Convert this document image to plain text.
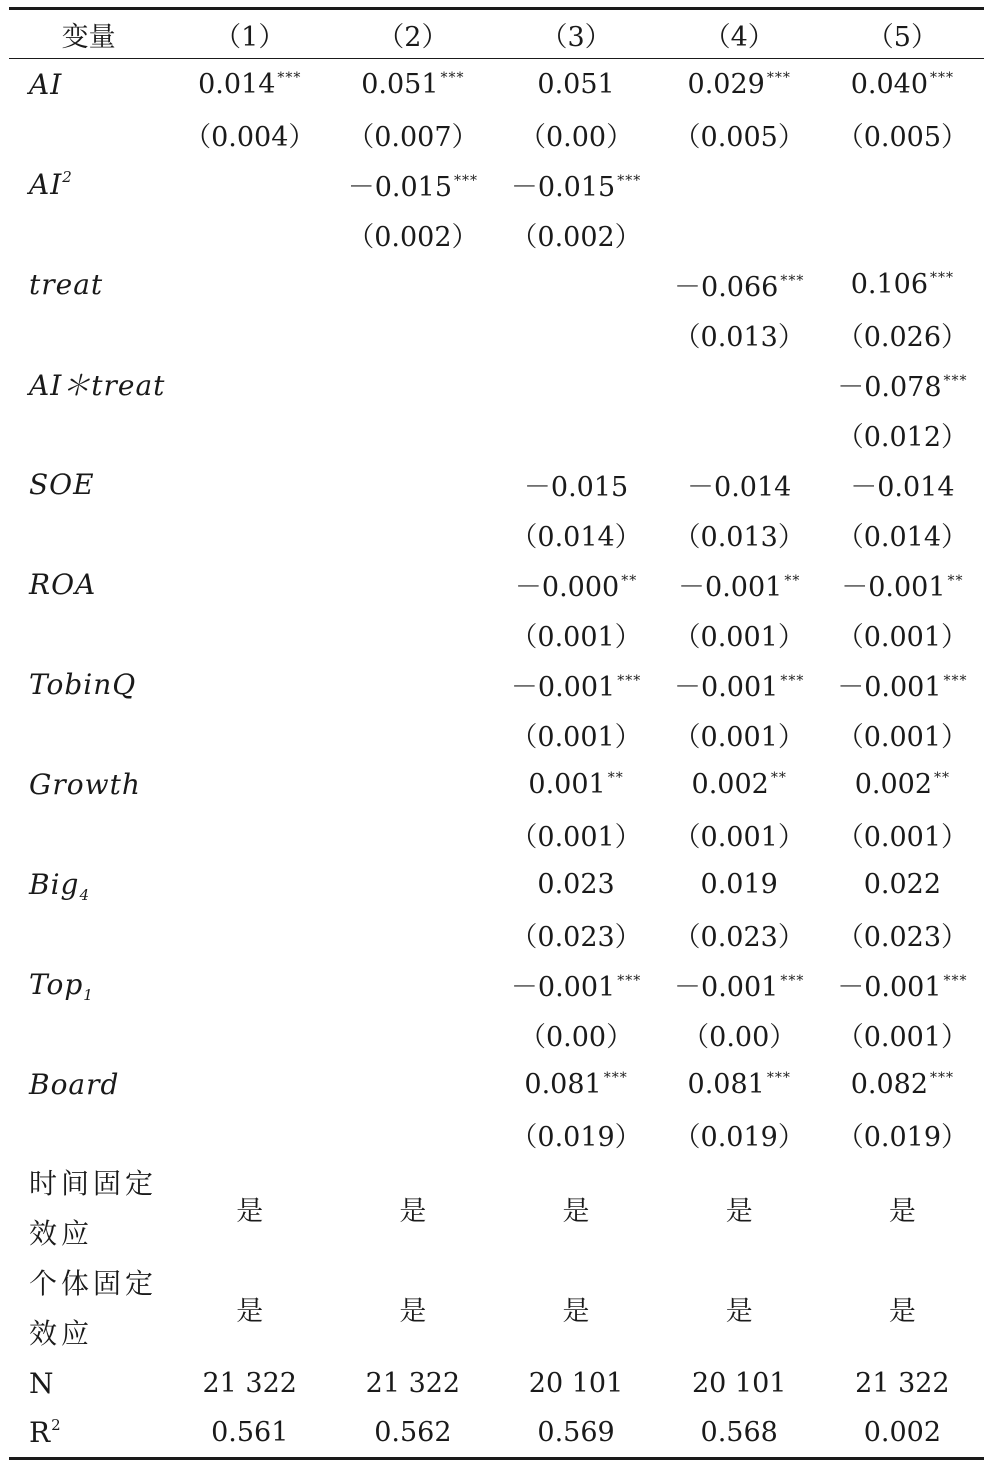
变量	（1）	（2）	（3）	（4）	（5）
AI	0.014 ***	0.051 ***	0.051	0.029 ***	0.040 ***
	（0.004）	（0.007）	（0.00）	（0.005）	（0.005）
$AI^2$		－0.015 ***	－0.015 ***		
		（0.002）	（0.002）		
treat				－0.066 ***	0.106 ***
				（0.013）	（0.026）
AI＊treat					－0.078 ***
					（0.012）
SOE			－0.015	－0.014	－0.014
			（0.014）	（0.013）	（0.014）
ROA			－0.000 **	－0.001 **	－0.001 **
			（0.001）	（0.001）	（0.001）
TobinQ			－0.001 ***	－0.001 ***	－0.001 ***
			（0.001）	（0.001）	（0.001）
Growth			0.001 **	0.002 **	0.002 **
			（0.001）	（0.001）	（0.001）
Big$_4$			0.023	0.019	0.022
			（0.023）	（0.023）	（0.023）
Top$_1$			－0.001 ***	－0.001 ***	－0.001 ***
			（0.00）	（0.00）	（0.001）
Board			0.081 ***	0.081 ***	0.082 ***
			（0.019）	（0.019）	（0.019）
时间固定效应	是	是	是	是	是
个体固定效应	是	是	是	是	是
N	21 322	21 322	20 101	20 101	21 322
$R^2$	0.561	0.562	0.569	0.568	0.002
